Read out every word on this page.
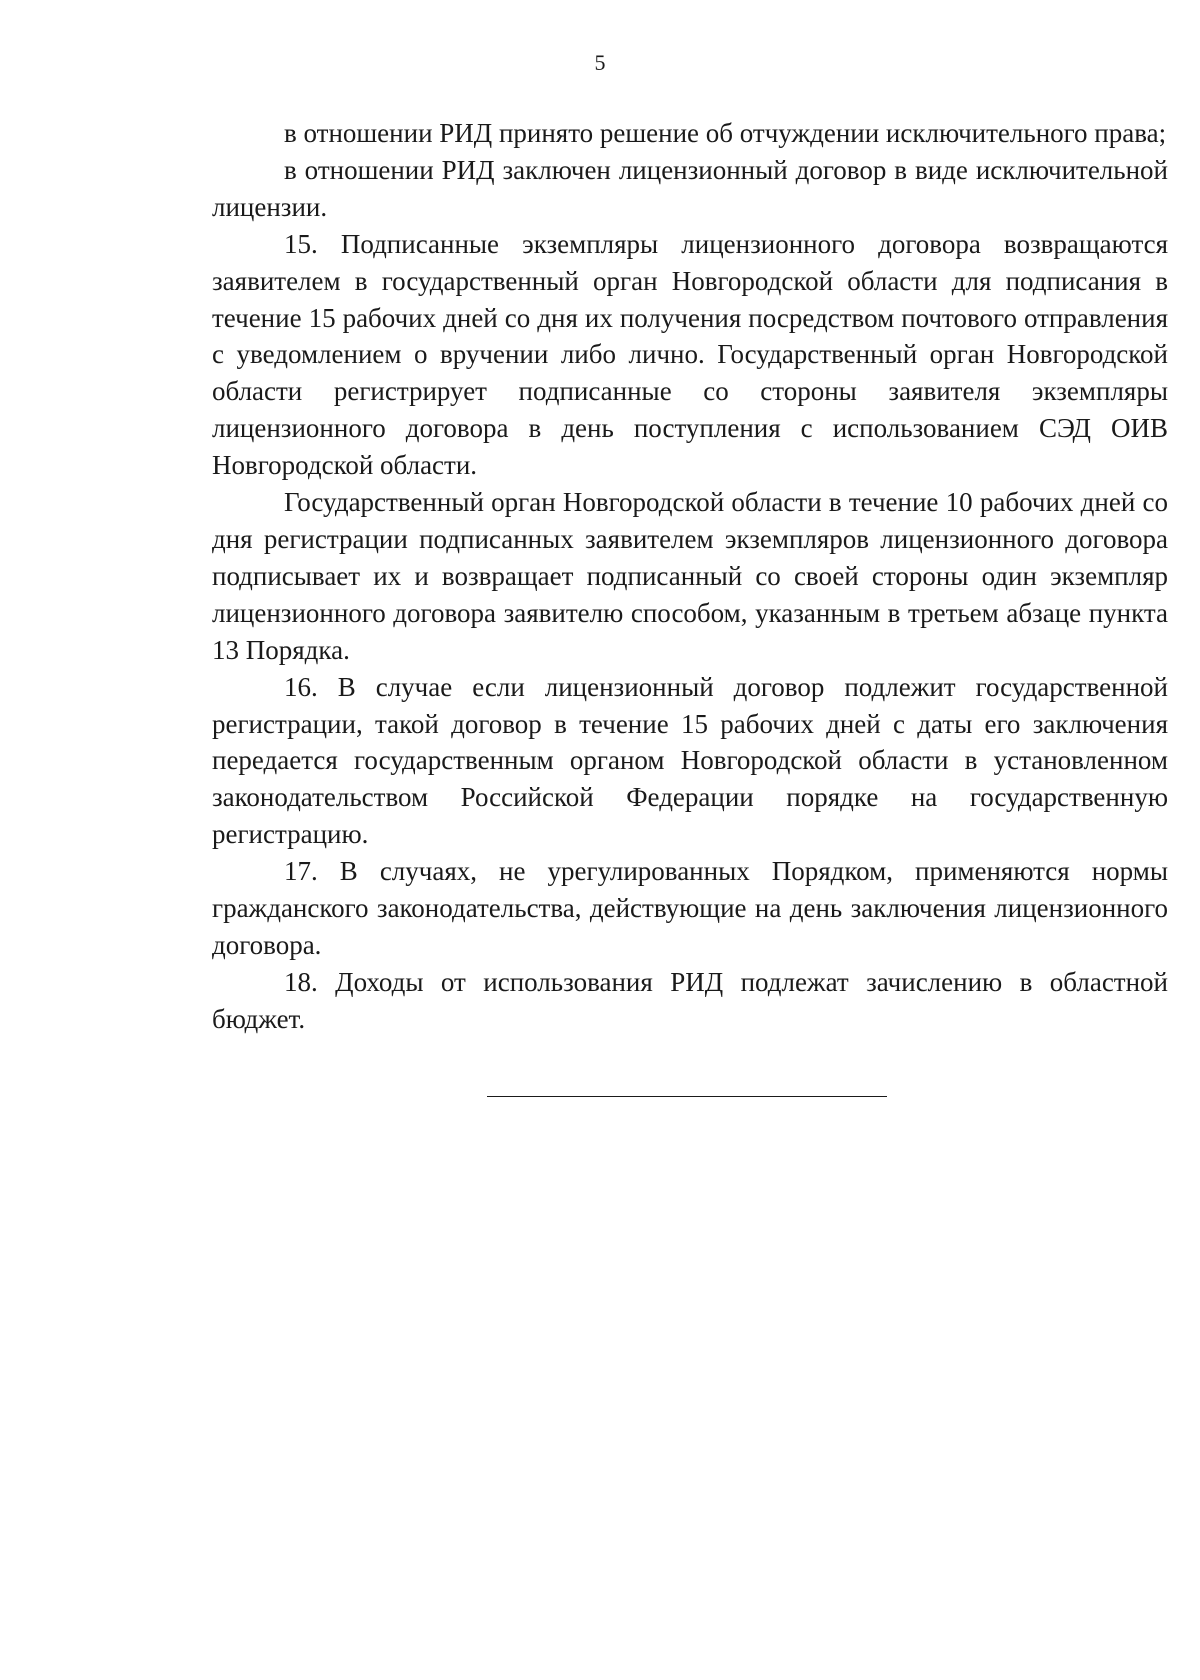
5

в отношении РИД принято решение об отчуждении исключительного права;

в отношении РИД заключен лицензионный договор в виде исключительной лицензии.

15. Подписанные экземпляры лицензионного договора возвращаются заявителем в государственный орган Новгородской области для подписания в течение 15 рабочих дней со дня их получения посредством почтового отправления с уведомлением о вручении либо лично. Государственный орган Новгородской области регистрирует подписанные со стороны заявителя экземпляры лицензионного договора в день поступления с использованием СЭД ОИВ Новгородской области.

Государственный орган Новгородской области в течение 10 рабочих дней со дня регистрации подписанных заявителем экземпляров лицензионного договора подписывает их и возвращает подписанный со своей стороны один экземпляр лицензионного договора заявителю способом, указанным в третьем абзаце пункта 13 Порядка.

16. В случае если лицензионный договор подлежит государственной регистрации, такой договор в течение 15 рабочих дней с даты его заключения передается государственным органом Новгородской области в установленном законодательством Российской Федерации порядке на государственную регистрацию.

17. В случаях, не урегулированных Порядком, применяются нормы гражданского законодательства, действующие на день заключения лицензионного договора.

18. Доходы от использования РИД подлежат зачислению в областной бюджет.
